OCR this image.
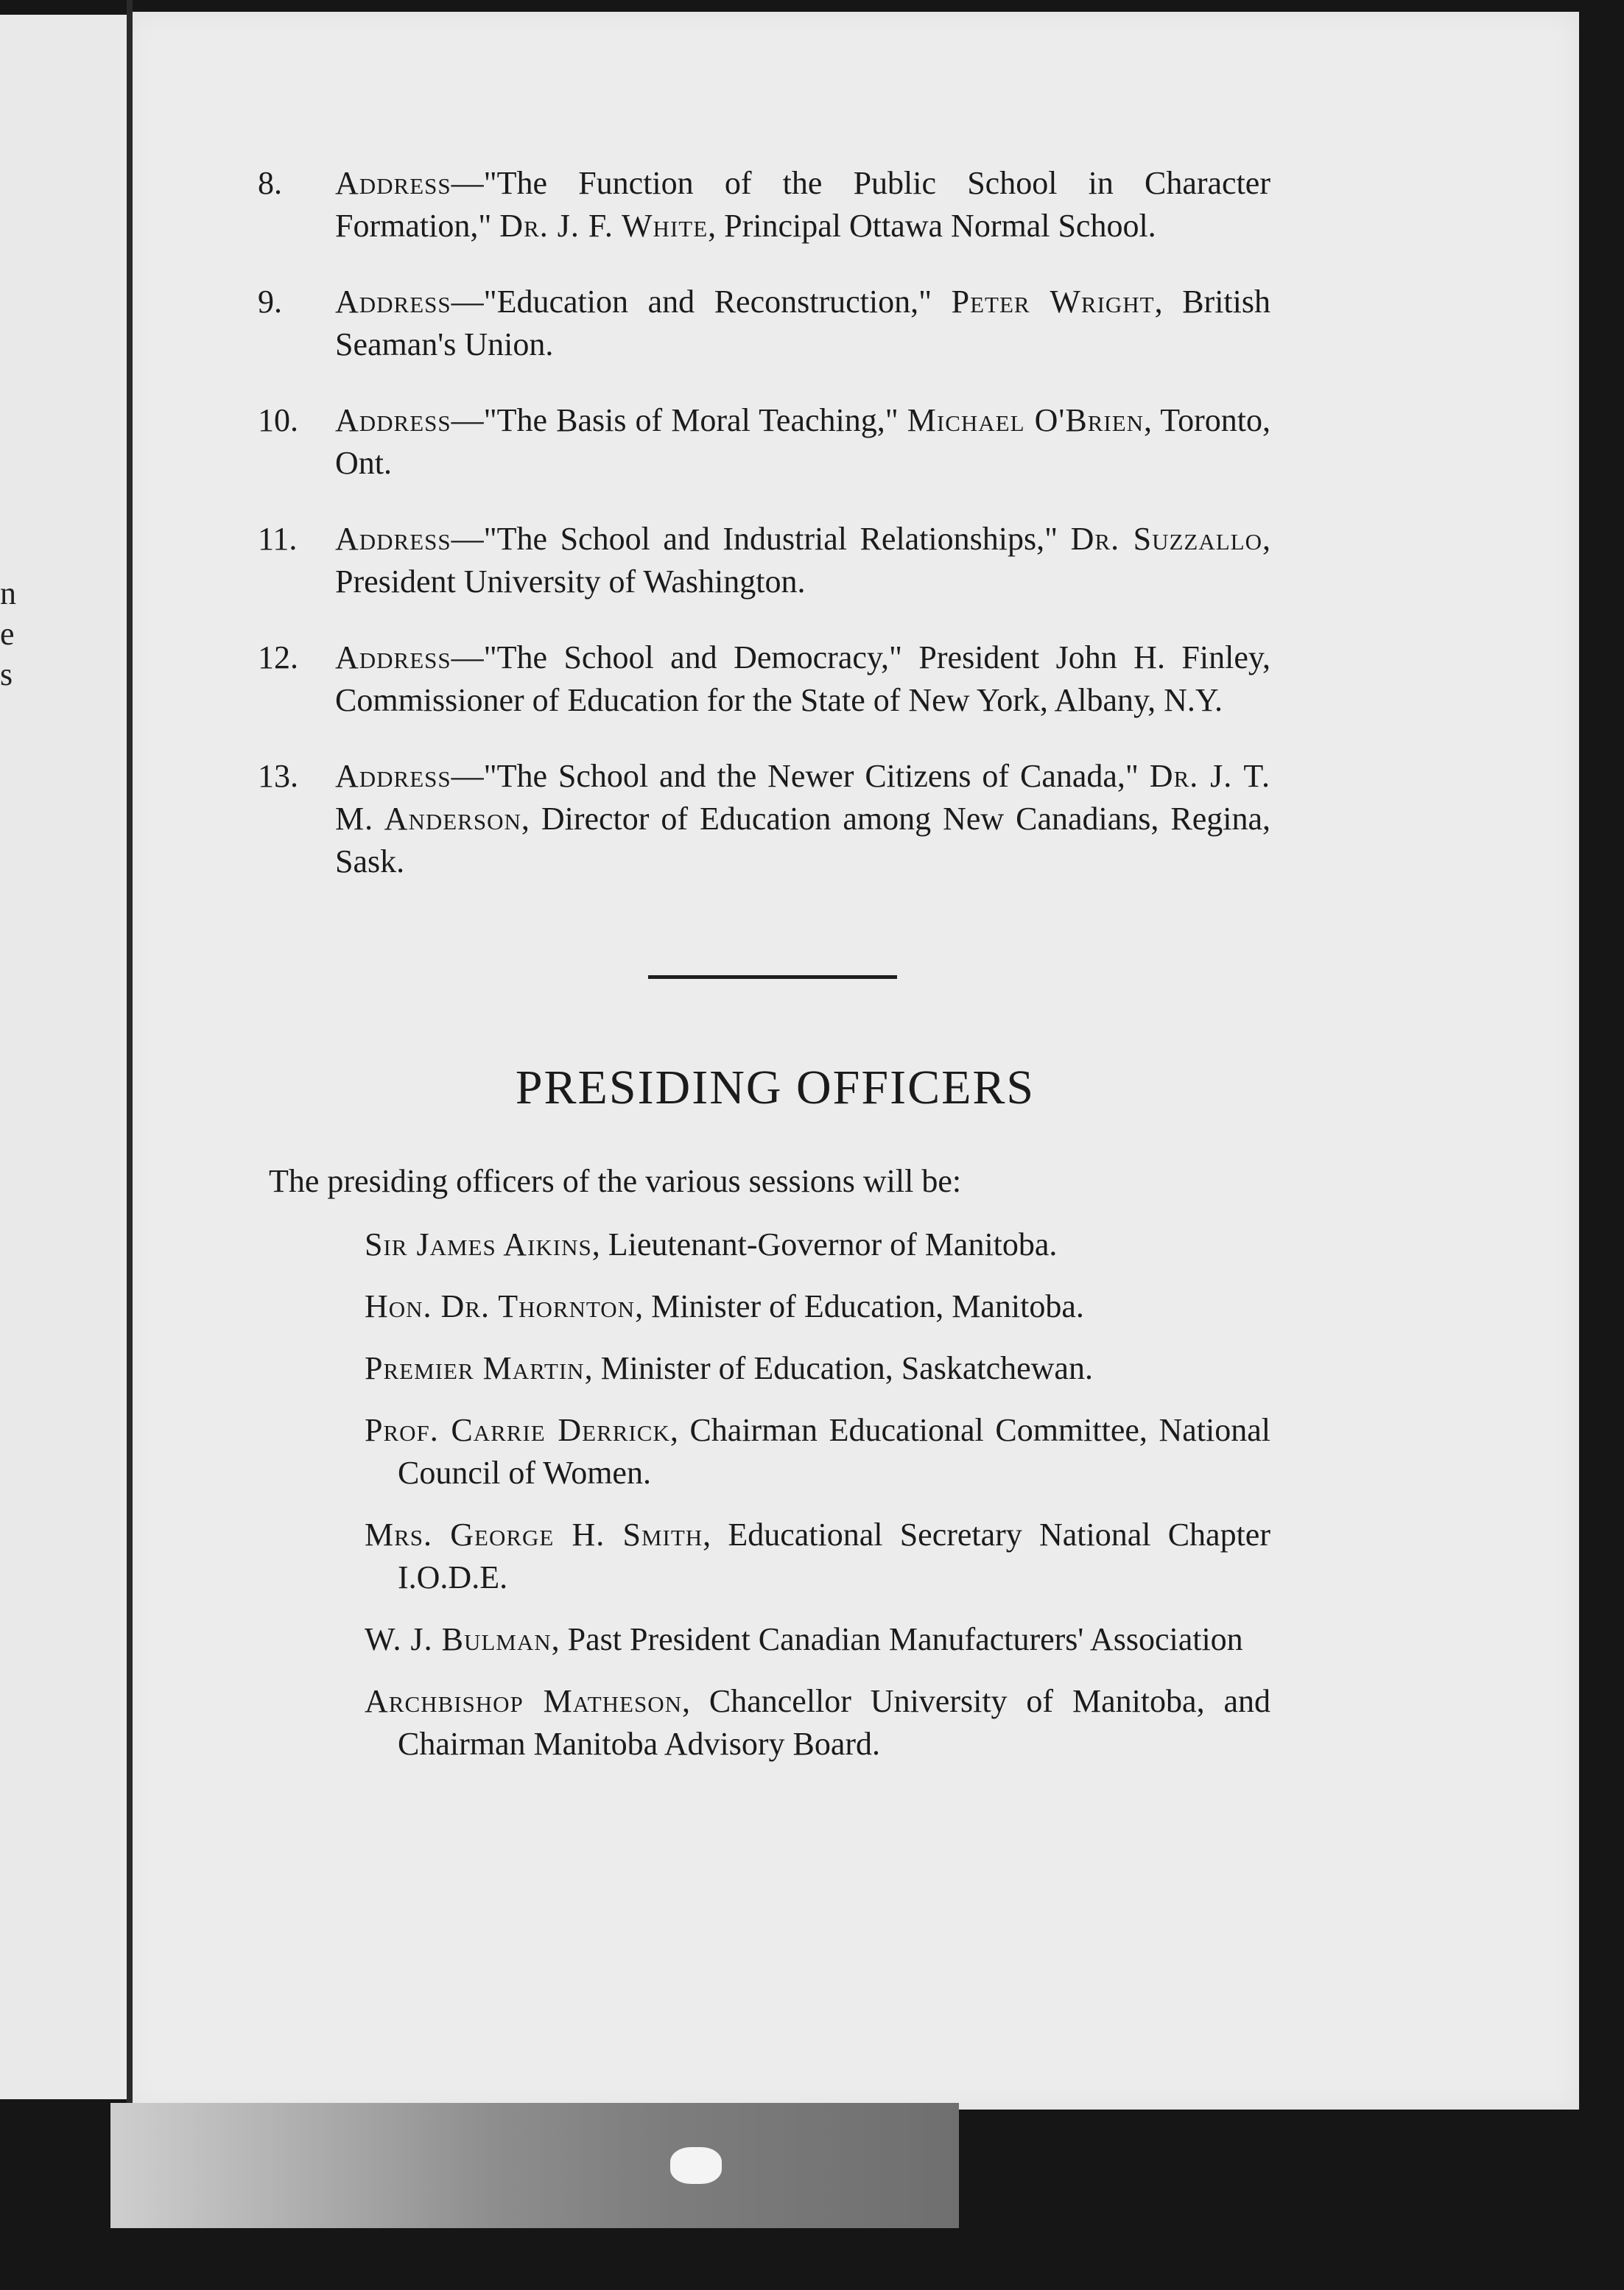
n
e
s
8.	Address—"The Function of the Public School in Character Formation," Dr. J. F. White, Principal Ottawa Normal School.
9.	Address—"Education and Reconstruction," Peter Wright, British Seaman's Union.
10.	Address—"The Basis of Moral Teaching," Michael O'Brien, Toronto, Ont.
11.	Address—"The School and Industrial Relationships," Dr. Suzzallo, President University of Washington.
12.	Address—"The School and Democracy," President John H. Finley, Commissioner of Education for the State of New York, Albany, N.Y.
13.	Address—"The School and the Newer Citizens of Canada," Dr. J. T. M. Anderson, Director of Education among New Canadians, Regina, Sask.
PRESIDING OFFICERS
The presiding officers of the various sessions will be:
Sir James Aikins, Lieutenant-Governor of Manitoba.
Hon. Dr. Thornton, Minister of Education, Manitoba.
Premier Martin, Minister of Education, Saskatchewan.
Prof. Carrie Derrick, Chairman Educational Committee, National Council of Women.
Mrs. George H. Smith, Educational Secretary National Chapter I.O.D.E.
W. J. Bulman, Past President Canadian Manufacturers' Association
Archbishop Matheson, Chancellor University of Manitoba, and Chairman Manitoba Advisory Board.
